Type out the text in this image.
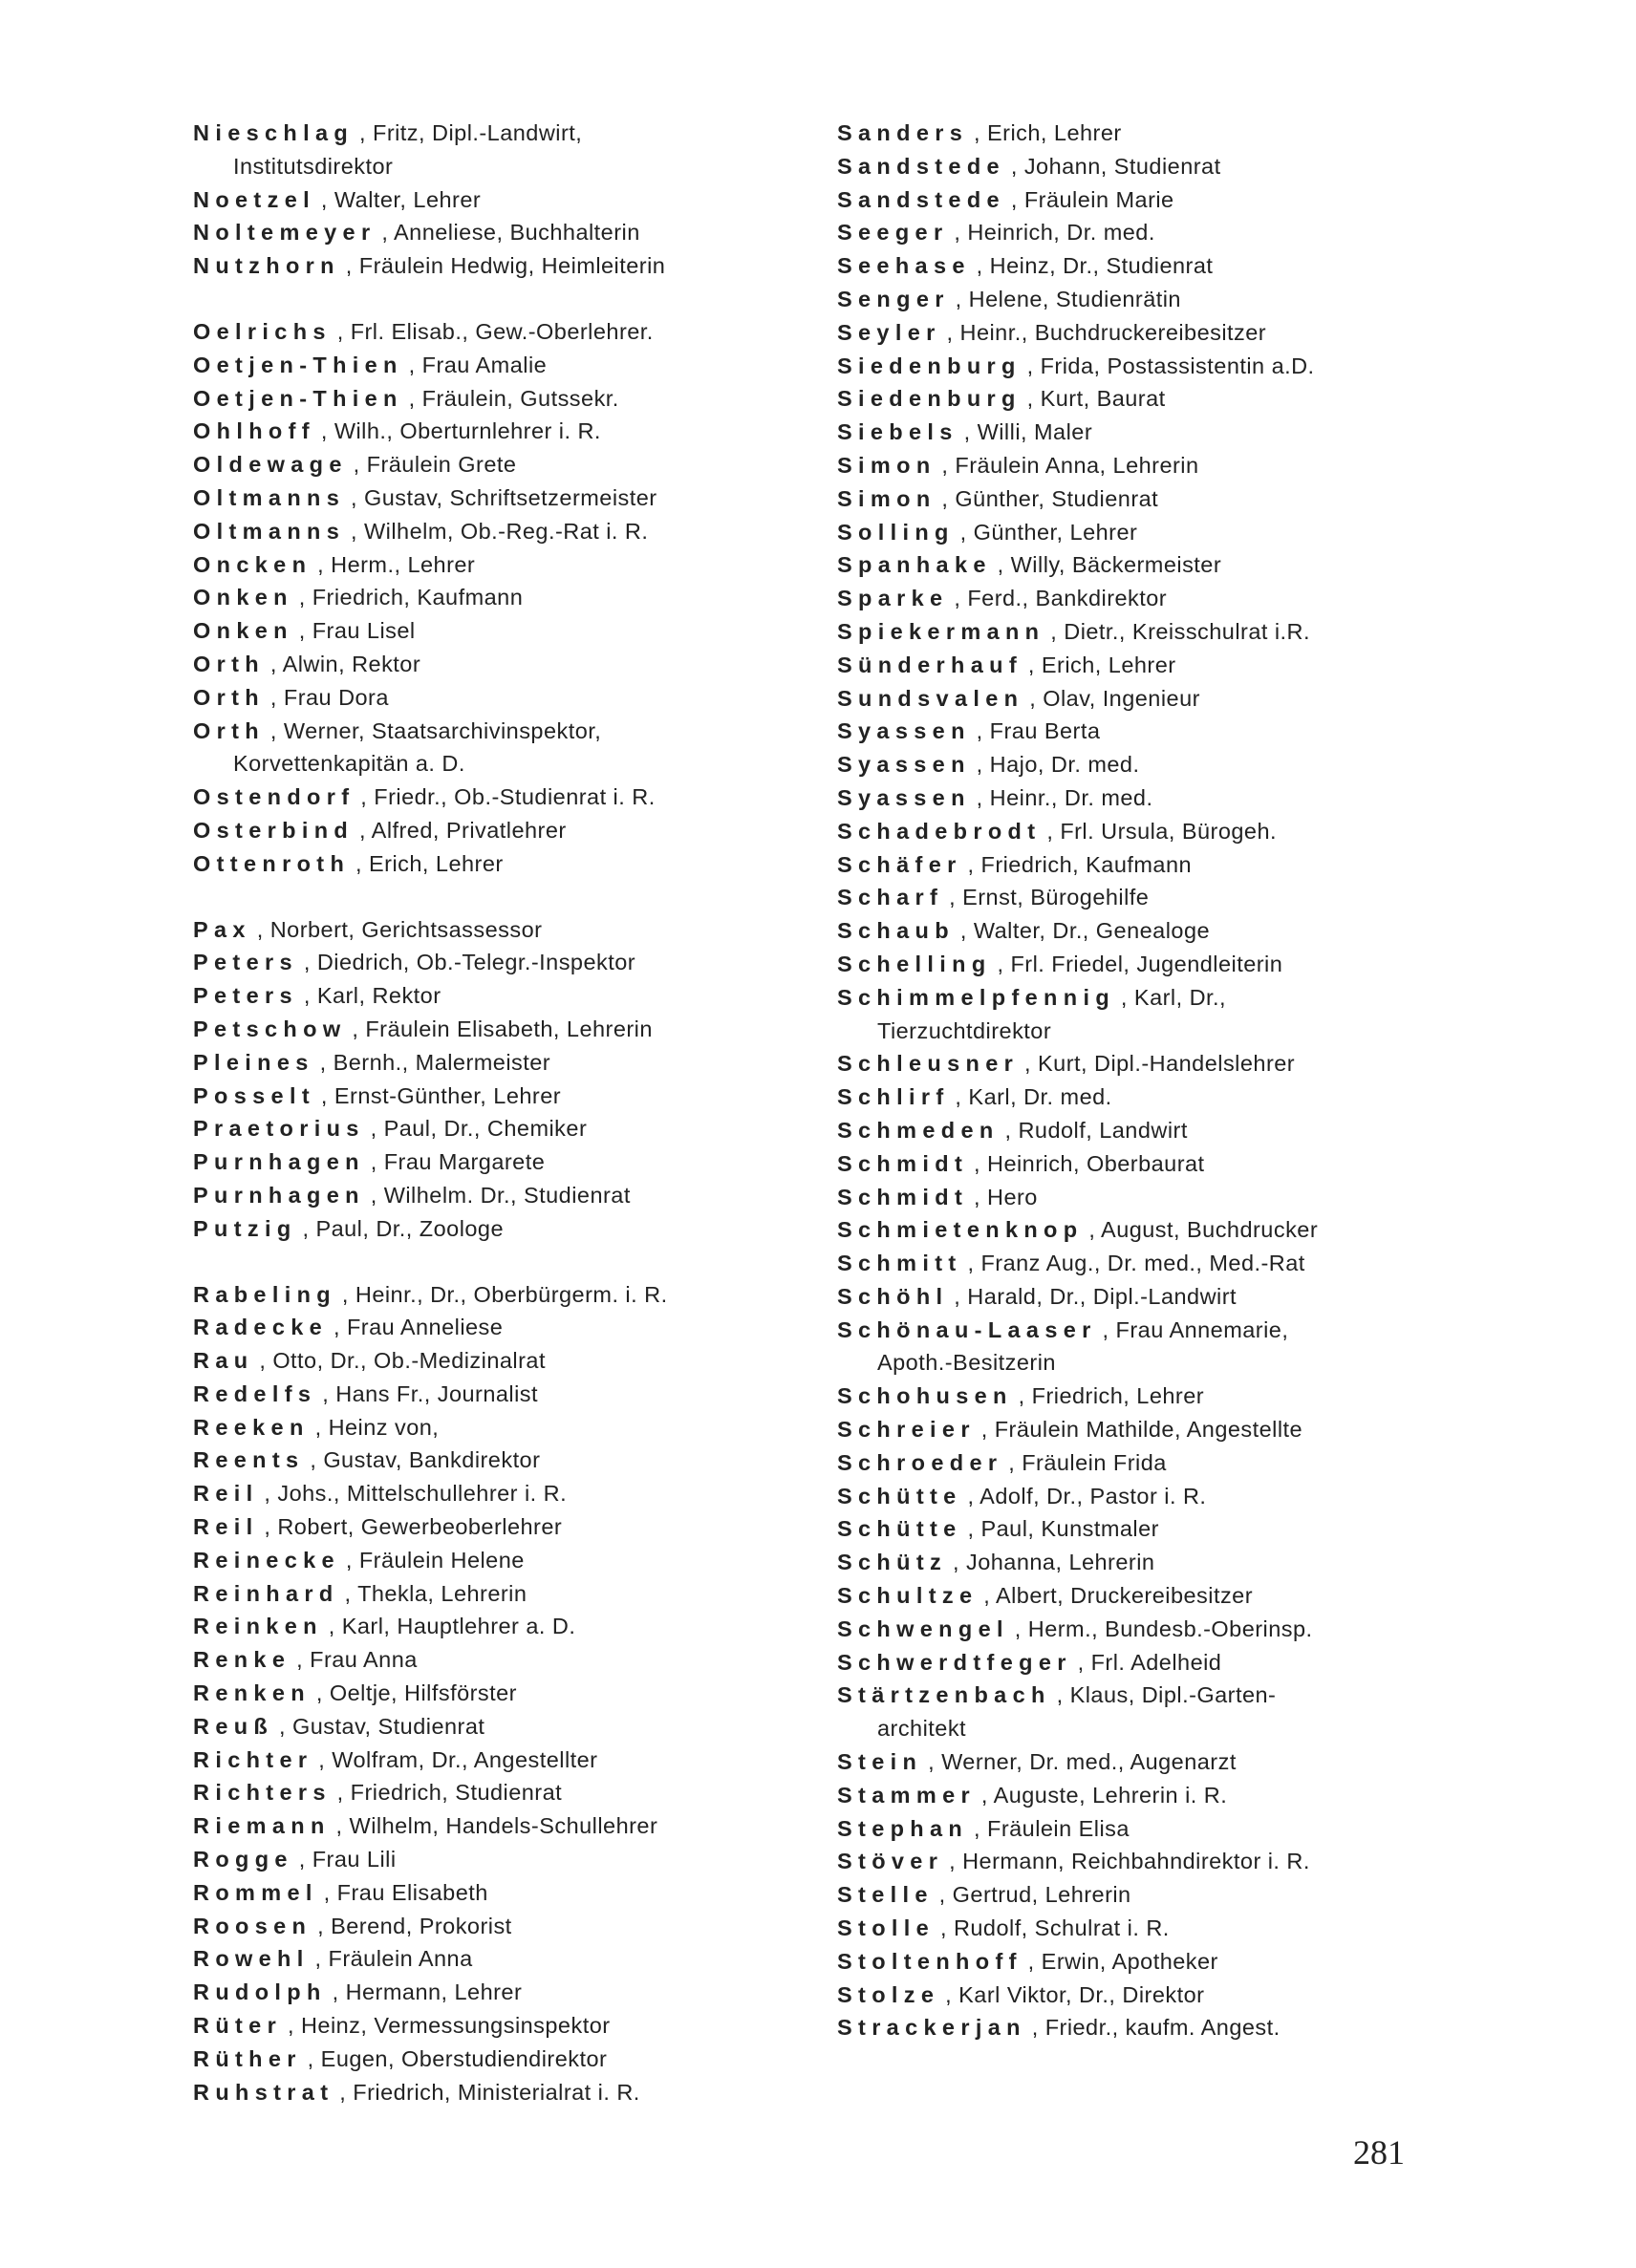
Nieschlag , Fritz, Dipl.-Landwirt,
Institutsdirektor
Noetzel , Walter, Lehrer
Noltemeyer , Anneliese, Buchhalterin
Nutzhorn , Fräulein Hedwig, Heimleiterin
Oelrichs , Frl. Elisab., Gew.-Oberlehrer.
Oetjen-Thien , Frau Amalie
Oetjen-Thien , Fräulein, Gutssekr.
Ohlhoff , Wilh., Oberturnlehrer i. R.
Oldewage , Fräulein Grete
Oltmanns , Gustav, Schriftsetzermeister
Oltmanns , Wilhelm, Ob.-Reg.-Rat i. R.
Oncken , Herm., Lehrer
Onken , Friedrich, Kaufmann
Onken , Frau Lisel
Orth , Alwin, Rektor
Orth , Frau Dora
Orth , Werner, Staatsarchivinspektor,
Korvettenkapitän a. D.
Ostendorf , Friedr., Ob.-Studienrat i. R.
Osterbind , Alfred, Privatlehrer
Ottenroth , Erich, Lehrer
Pax , Norbert, Gerichtsassessor
Peters , Diedrich, Ob.-Telegr.-Inspektor
Peters , Karl, Rektor
Petschow , Fräulein Elisabeth, Lehrerin
Pleines , Bernh., Malermeister
Posselt , Ernst-Günther, Lehrer
Praetorius , Paul, Dr., Chemiker
Purnhagen , Frau Margarete
Purnhagen , Wilhelm. Dr., Studienrat
Putzig , Paul, Dr., Zoologe
Rabeling , Heinr., Dr., Oberbürgerm. i. R.
Radecke , Frau Anneliese
Rau , Otto, Dr., Ob.-Medizinalrat
Redelfs , Hans Fr., Journalist
Reeken , Heinz von,
Reents , Gustav, Bankdirektor
Reil , Johs., Mittelschullehrer i. R.
Reil , Robert, Gewerbeoberlehrer
Reinecke , Fräulein Helene
Reinhard , Thekla, Lehrerin
Reinken , Karl, Hauptlehrer a. D.
Renke , Frau Anna
Renken , Oeltje, Hilfsförster
Reuß , Gustav, Studienrat
Richter , Wolfram, Dr., Angestellter
Richters , Friedrich, Studienrat
Riemann , Wilhelm, Handels-Schullehrer
Rogge , Frau Lili
Rommel , Frau Elisabeth
Roosen , Berend, Prokorist
Rowehl , Fräulein Anna
Rudolph , Hermann, Lehrer
Rüter , Heinz, Vermessungsinspektor
Rüther , Eugen, Oberstudiendirektor
Ruhstrat , Friedrich, Ministerialrat i. R.
Sanders , Erich, Lehrer
Sandstede , Johann, Studienrat
Sandstede , Fräulein Marie
Seeger , Heinrich, Dr. med.
Seehase , Heinz, Dr., Studienrat
Senger , Helene, Studienrätin
Seyler , Heinr., Buchdruckereibesitzer
Siedenburg , Frida, Postassistentin a.D.
Siedenburg , Kurt, Baurat
Siebels , Willi, Maler
Simon , Fräulein Anna, Lehrerin
Simon , Günther, Studienrat
Solling , Günther, Lehrer
Spanhake , Willy, Bäckermeister
Sparke , Ferd., Bankdirektor
Spiekermann , Dietr., Kreisschulrat i.R.
Sünderhauf , Erich, Lehrer
Sundsvalen , Olav, Ingenieur
Syassen , Frau Berta
Syassen , Hajo, Dr. med.
Syassen , Heinr., Dr. med.
Schadebrodt , Frl. Ursula, Bürogeh.
Schäfer , Friedrich, Kaufmann
Scharf , Ernst, Bürogehilfe
Schaub , Walter, Dr., Genealoge
Schelling , Frl. Friedel, Jugendleiterin
Schimmelpfennig , Karl, Dr.,
Tierzuchtdirektor
Schleusner , Kurt, Dipl.-Handelslehrer
Schlirf , Karl, Dr. med.
Schmeden , Rudolf, Landwirt
Schmidt , Heinrich, Oberbaurat
Schmidt , Hero
Schmietenknop , August, Buchdrucker
Schmitt , Franz Aug., Dr. med., Med.-Rat
Schöhl , Harald, Dr., Dipl.-Landwirt
Schönau-Laaser , Frau Annemarie,
Apoth.-Besitzerin
Schohusen , Friedrich, Lehrer
Schreier , Fräulein Mathilde, Angestellte
Schroeder , Fräulein Frida
Schütte , Adolf, Dr., Pastor i. R.
Schütte , Paul, Kunstmaler
Schütz , Johanna, Lehrerin
Schultze , Albert, Druckereibesitzer
Schwengel , Herm., Bundesb.-Oberinsp.
Schwerdtfeger , Frl. Adelheid
Stärtzenbach , Klaus, Dipl.-Garten-
architekt
Stein , Werner, Dr. med., Augenarzt
Stammer , Auguste, Lehrerin i. R.
Stephan , Fräulein Elisa
Stöver , Hermann, Reichbahndirektor i. R.
Stelle , Gertrud, Lehrerin
Stolle , Rudolf, Schulrat i. R.
Stoltenhoff , Erwin, Apotheker
Stolze , Karl Viktor, Dr., Direktor
Strackerjan , Friedr., kaufm. Angest.
281
